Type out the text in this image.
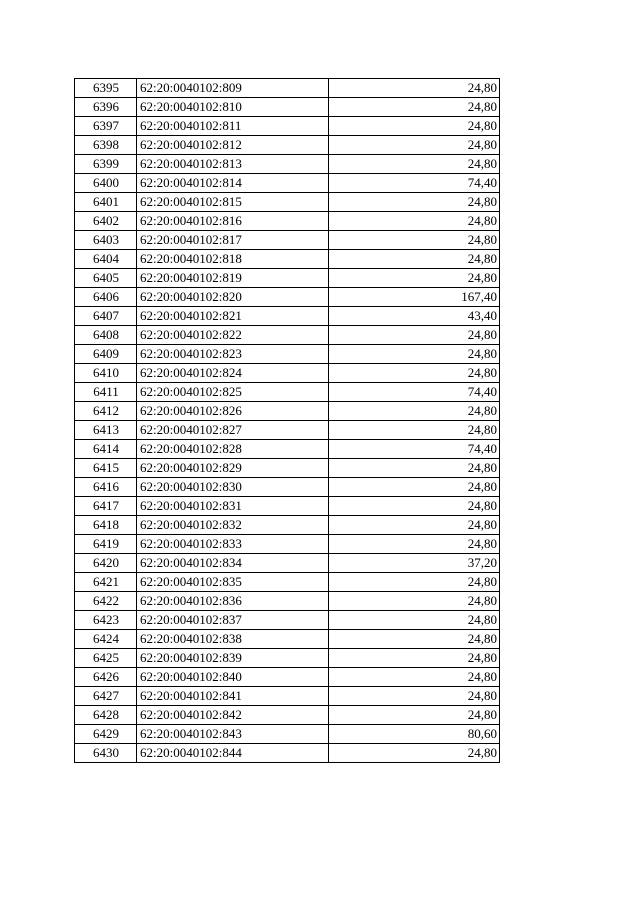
6395	62:20:0040102:809	24,80
6396	62:20:0040102:810	24,80
6397	62:20:0040102:811	24,80
6398	62:20:0040102:812	24,80
6399	62:20:0040102:813	24,80
6400	62:20:0040102:814	74,40
6401	62:20:0040102:815	24,80
6402	62:20:0040102:816	24,80
6403	62:20:0040102:817	24,80
6404	62:20:0040102:818	24,80
6405	62:20:0040102:819	24,80
6406	62:20:0040102:820	167,40
6407	62:20:0040102:821	43,40
6408	62:20:0040102:822	24,80
6409	62:20:0040102:823	24,80
6410	62:20:0040102:824	24,80
6411	62:20:0040102:825	74,40
6412	62:20:0040102:826	24,80
6413	62:20:0040102:827	24,80
6414	62:20:0040102:828	74,40
6415	62:20:0040102:829	24,80
6416	62:20:0040102:830	24,80
6417	62:20:0040102:831	24,80
6418	62:20:0040102:832	24,80
6419	62:20:0040102:833	24,80
6420	62:20:0040102:834	37,20
6421	62:20:0040102:835	24,80
6422	62:20:0040102:836	24,80
6423	62:20:0040102:837	24,80
6424	62:20:0040102:838	24,80
6425	62:20:0040102:839	24,80
6426	62:20:0040102:840	24,80
6427	62:20:0040102:841	24,80
6428	62:20:0040102:842	24,80
6429	62:20:0040102:843	80,60
6430	62:20:0040102:844	24,80
